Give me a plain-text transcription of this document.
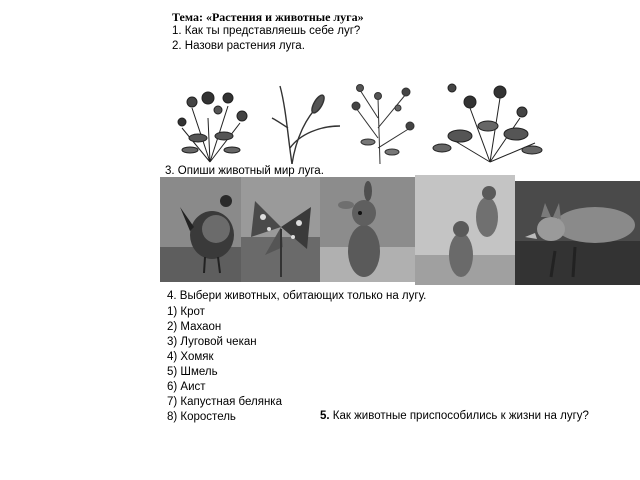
Тема: «Растения и животные луга»
1. Как ты представляешь себе луг?
2. Назови растения луга.
3. Опиши животный мир луга.
4. Выбери животных, обитающих только на лугу.
1) Крот
2) Махаон
3) Луговой чекан
4) Хомяк
5) Шмель
6) Аист
7) Капустная белянка
8) Коростель	5. Как животные приспособились к жизни на лугу?
